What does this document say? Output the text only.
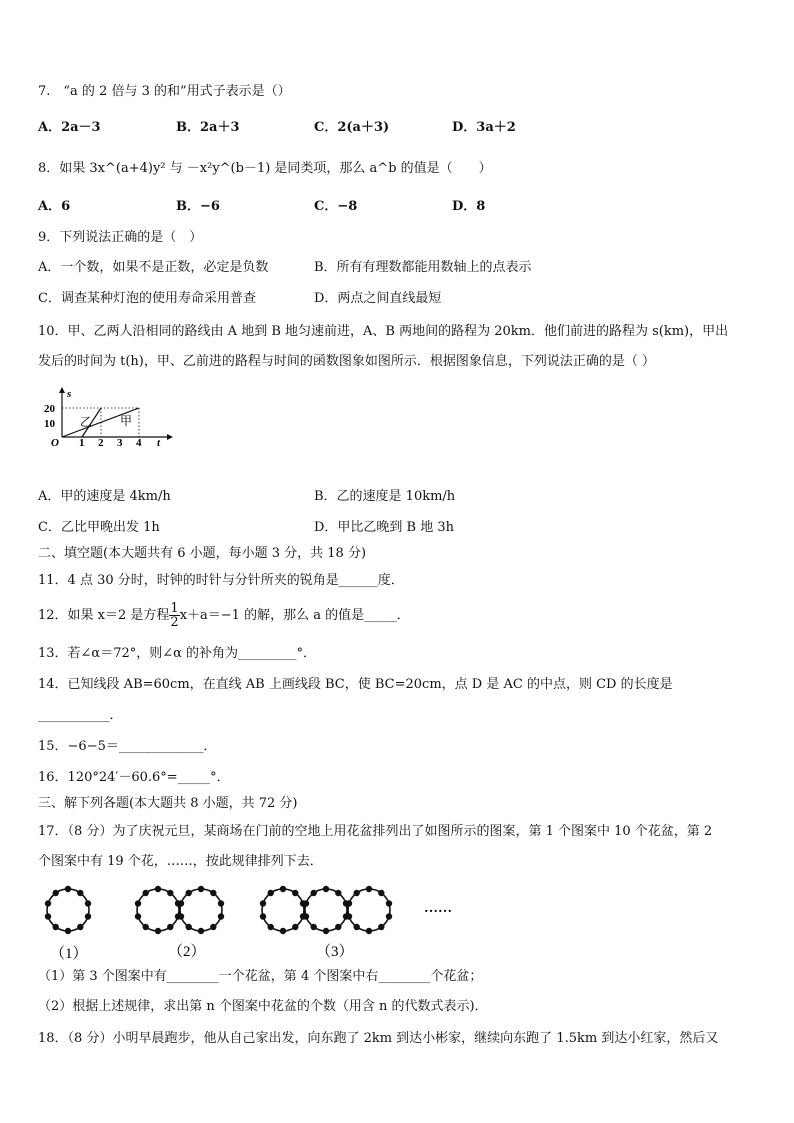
7.　“a 的 2 倍与 3 的和”用式子表示是（）
A．2a－3	B．2a＋3	C．2(a＋3)	D．3a＋2
8．如果 3x^(a+4)y² 与 －x²y^(b－1) 是同类项，那么 a^b 的值是（　　）
A．6	B．−6	C．−8	D．8
9．下列说法正确的是（　）
A．一个数，如果不是正数，必定是负数	B．所有有理数都能用数轴上的点表示
C．调查某种灯泡的使用寿命采用普查	D．两点之间直线最短
10．甲、乙两人沿相同的路线由 A 地到 B 地匀速前进，A、B 两地间的路程为 20km．他们前进的路程为 s(km)，甲出
发后的时间为 t(h)，甲、乙前进的路程与时间的函数图象如图所示．根据图象信息，下列说法正确的是（ ）
s
t
O
20
10
1 2 3 4
乙 甲
A．甲的速度是 4km/h	B．乙的速度是 10km/h
C．乙比甲晚出发 1h	D．甲比乙晚到 B 地 3h
二、填空题(本大题共有 6 小题，每小题 3 分，共 18 分)
11．4 点 30 分时，时钟的时针与分针所夹的锐角是______度．
12．如果 x＝2 是方程 $\frac{1}{2} x+a=-1$ 的解，那么 a 的值是_____．
13．若∠α＝72°，则∠α 的补角为_________°．
14．已知线段 AB=60cm，在直线 AB 上画线段 BC，使 BC=20cm，点 D 是 AC 的中点，则 CD 的长度是
___________．
15．−6−5＝_____________．
16．120°24′－60.6°=_____°．
三、解下列各题(本大题共 8 小题，共 72 分)
17．（8 分）为了庆祝元旦，某商场在门前的空地上用花盆排列出了如图所示的图案，第 1 个图案中 10 个花盆，第 2
个图案中有 19 个花，……，按此规律排列下去．
（1）	（2）	（3）
……
（1）第 3 个图案中有________一个花盆，第 4 个图案中右________个花盆；
（2）根据上述规律，求出第 n 个图案中花盆的个数（用含 n 的代数式表示)．
18．（8 分）小明早晨跑步，他从自己家出发，向东跑了 2km 到达小彬家，继续向东跑了 1.5km 到达小红家，然后又
